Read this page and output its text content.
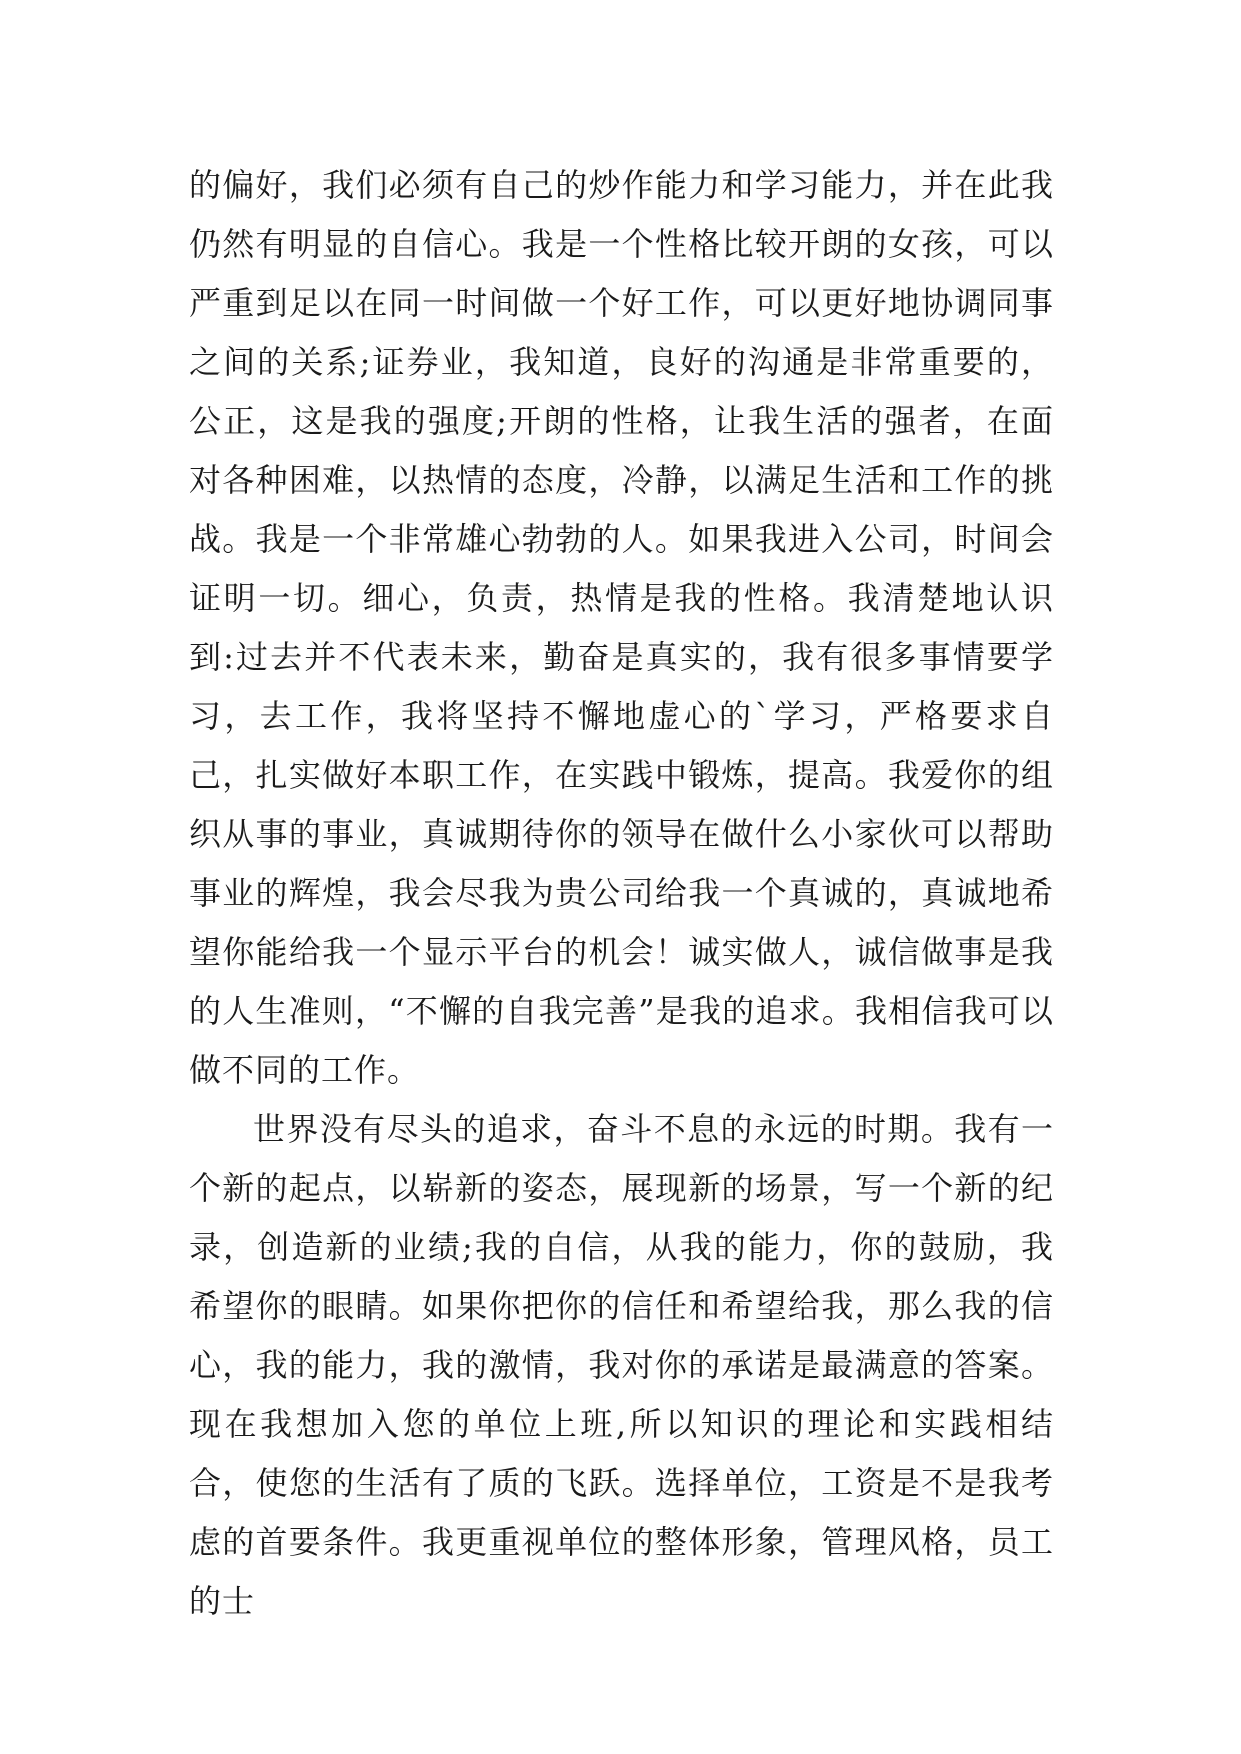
的偏好，我们必须有自己的炒作能力和学习能力，并在此我仍然有明显的自信心。我是一个性格比较开朗的女孩，可以严重到足以在同一时间做一个好工作，可以更好地协调同事之间的关系;证券业，我知道，良好的沟通是非常重要的，公正，这是我的强度;开朗的性格，让我生活的强者，在面对各种困难，以热情的态度，冷静，以满足生活和工作的挑战。我是一个非常雄心勃勃的人。如果我进入公司，时间会证明一切。细心，负责，热情是我的性格。我清楚地认识到:过去并不代表未来，勤奋是真实的，我有很多事情要学习，去工作，我将坚持不懈地虚心的`学习，严格要求自己，扎实做好本职工作，在实践中锻炼，提高。我爱你的组织从事的事业，真诚期待你的领导在做什么小家伙可以帮助事业的辉煌，我会尽我为贵公司给我一个真诚的，真诚地希望你能给我一个显示平台的机会！诚实做人，诚信做事是我的人生准则，“不懈的自我完善”是我的追求。我相信我可以做不同的工作。

世界没有尽头的追求，奋斗不息的永远的时期。我有一个新的起点，以崭新的姿态，展现新的场景，写一个新的纪录，创造新的业绩;我的自信，从我的能力，你的鼓励，我希望你的眼睛。如果你把你的信任和希望给我，那么我的信心，我的能力，我的激情，我对你的承诺是最满意的答案。现在我想加入您的单位上班,所以知识的理论和实践相结合，使您的生活有了质的飞跃。选择单位，工资是不是我考虑的首要条件。我更重视单位的整体形象，管理风格，员工的士
